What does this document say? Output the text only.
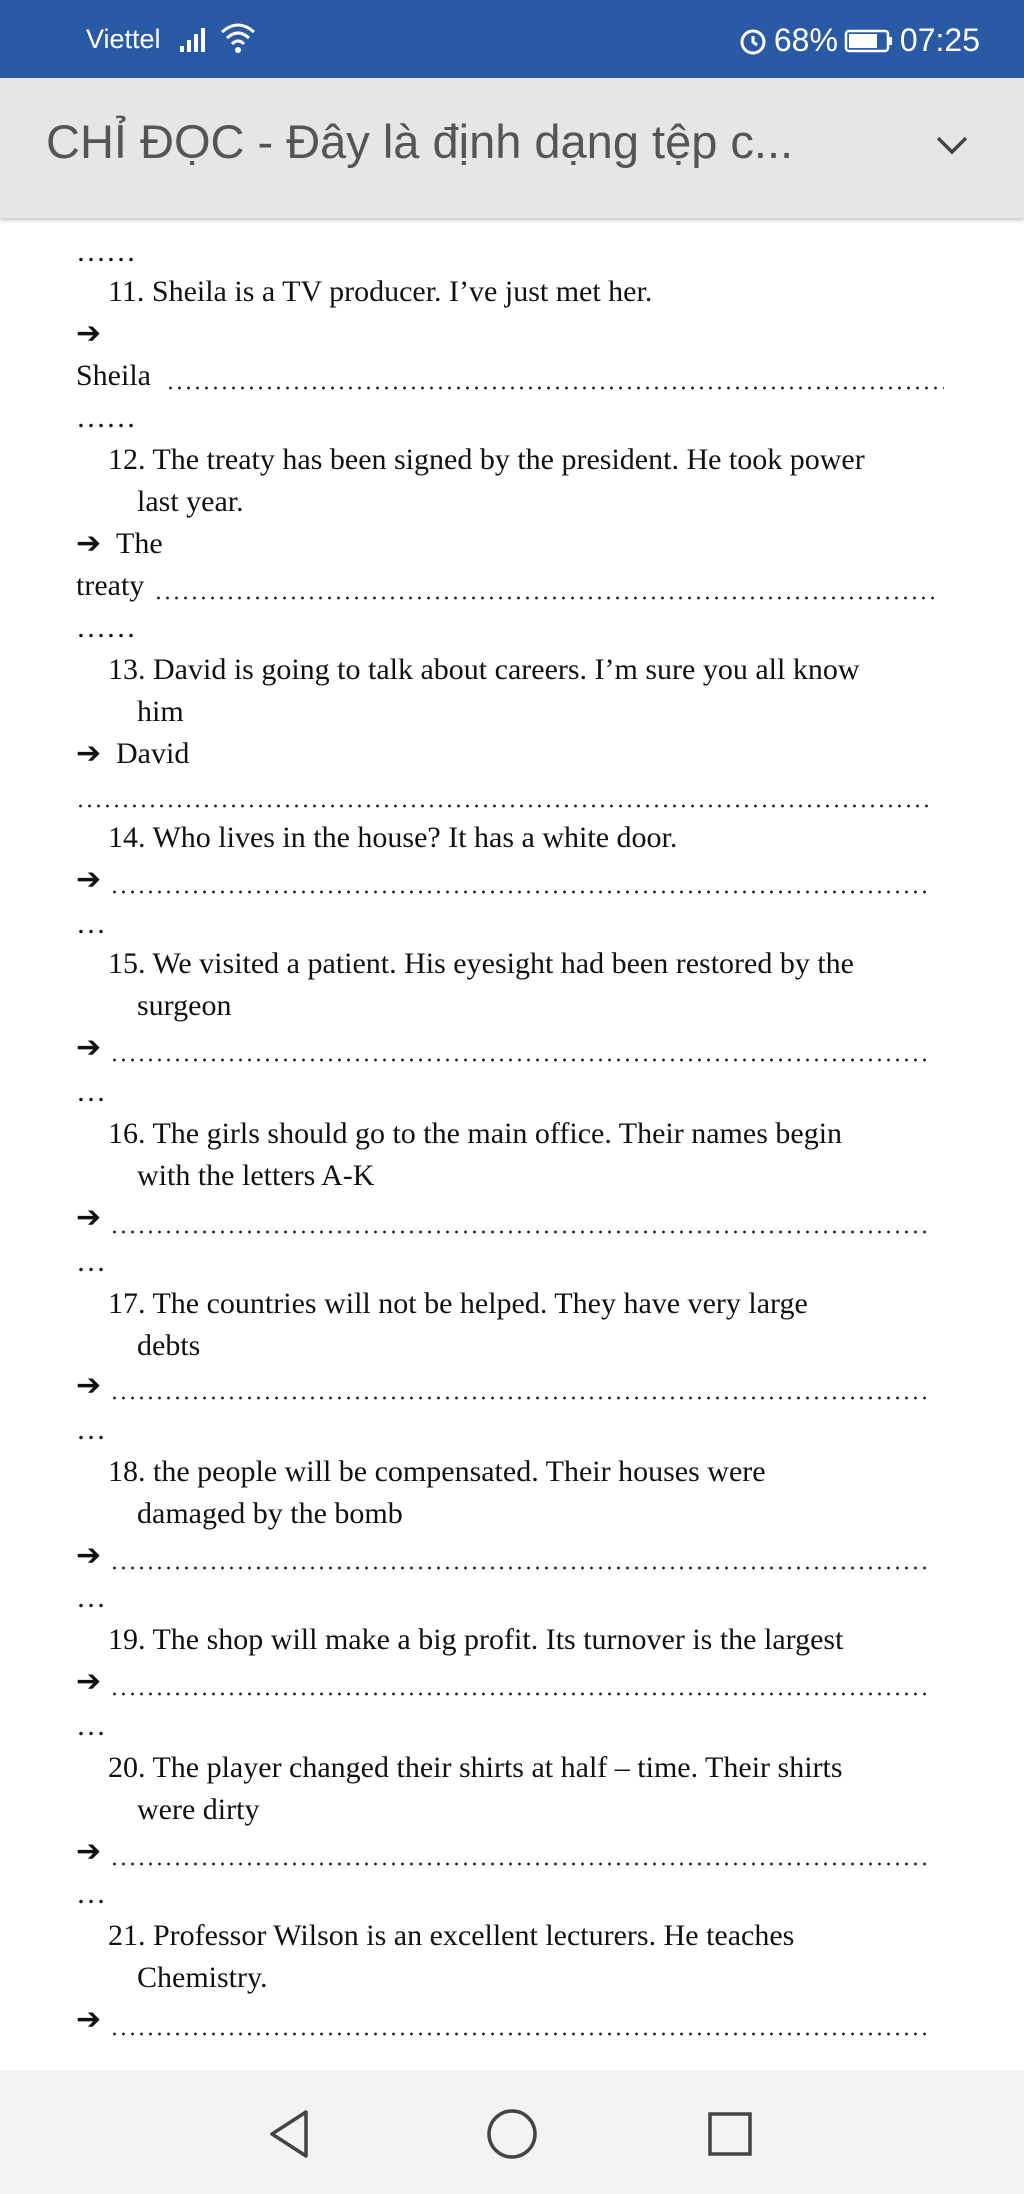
Viettel	68% 07:25
CHỈ ĐỌC - Đây là định dạng tệp c...
……
11. Sheila is a TV producer. I’ve just met her.
➔
Sheila
……
12. The treaty has been signed by the president. He took power
last year.
➔ The
treaty
……
13. David is going to talk about careers. I’m sure you all know
him
➔ David
14. Who lives in the house? It has a white door.
➔
…
15. We visited a patient. His eyesight had been restored by the
surgeon
➔
…
16. The girls should go to the main office. Their names begin
with the letters A-K
➔
…
17. The countries will not be helped. They have very large
debts
➔
…
18. the people will be compensated. Their houses were
damaged by the bomb
➔
…
19. The shop will make a big profit. Its turnover is the largest
➔
…
20. The player changed their shirts at half – time. Their shirts
were dirty
➔
…
21. Professor Wilson is an excellent lecturers. He teaches
Chemistry.
➔
